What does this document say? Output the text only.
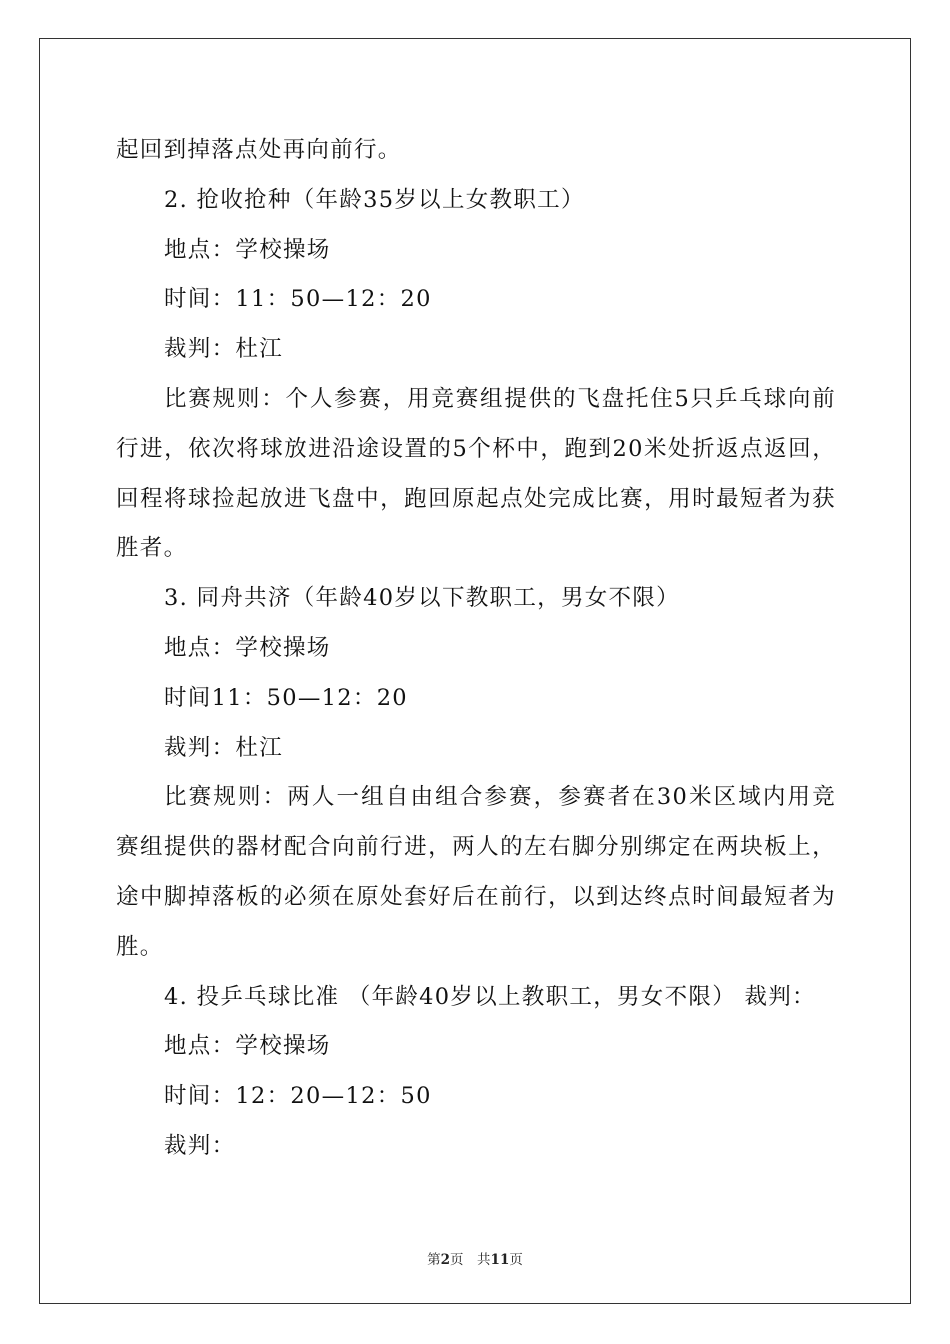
起回到掉落点处再向前行。

2. 抢收抢种（年龄35岁以上女教职工）

地点：学校操场

时间：11：50—12：20

裁判：杜江

比赛规则：个人参赛，用竞赛组提供的飞盘托住5只乒乓球向前行进，依次将球放进沿途设置的5个杯中，跑到20米处折返点返回，回程将球捡起放进飞盘中，跑回原起点处完成比赛，用时最短者为获胜者。

3. 同舟共济（年龄40岁以下教职工，男女不限）

地点：学校操场

时间11：50—12：20

裁判：杜江

比赛规则：两人一组自由组合参赛，参赛者在30米区域内用竞赛组提供的器材配合向前行进，两人的左右脚分别绑定在两块板上，途中脚掉落板的必须在原处套好后在前行，以到达终点时间最短者为胜。

4. 投乒乓球比准 （年龄40岁以上教职工，男女不限） 裁判：

地点：学校操场

时间：12：20—12：50

裁判：

第2页　共11页
